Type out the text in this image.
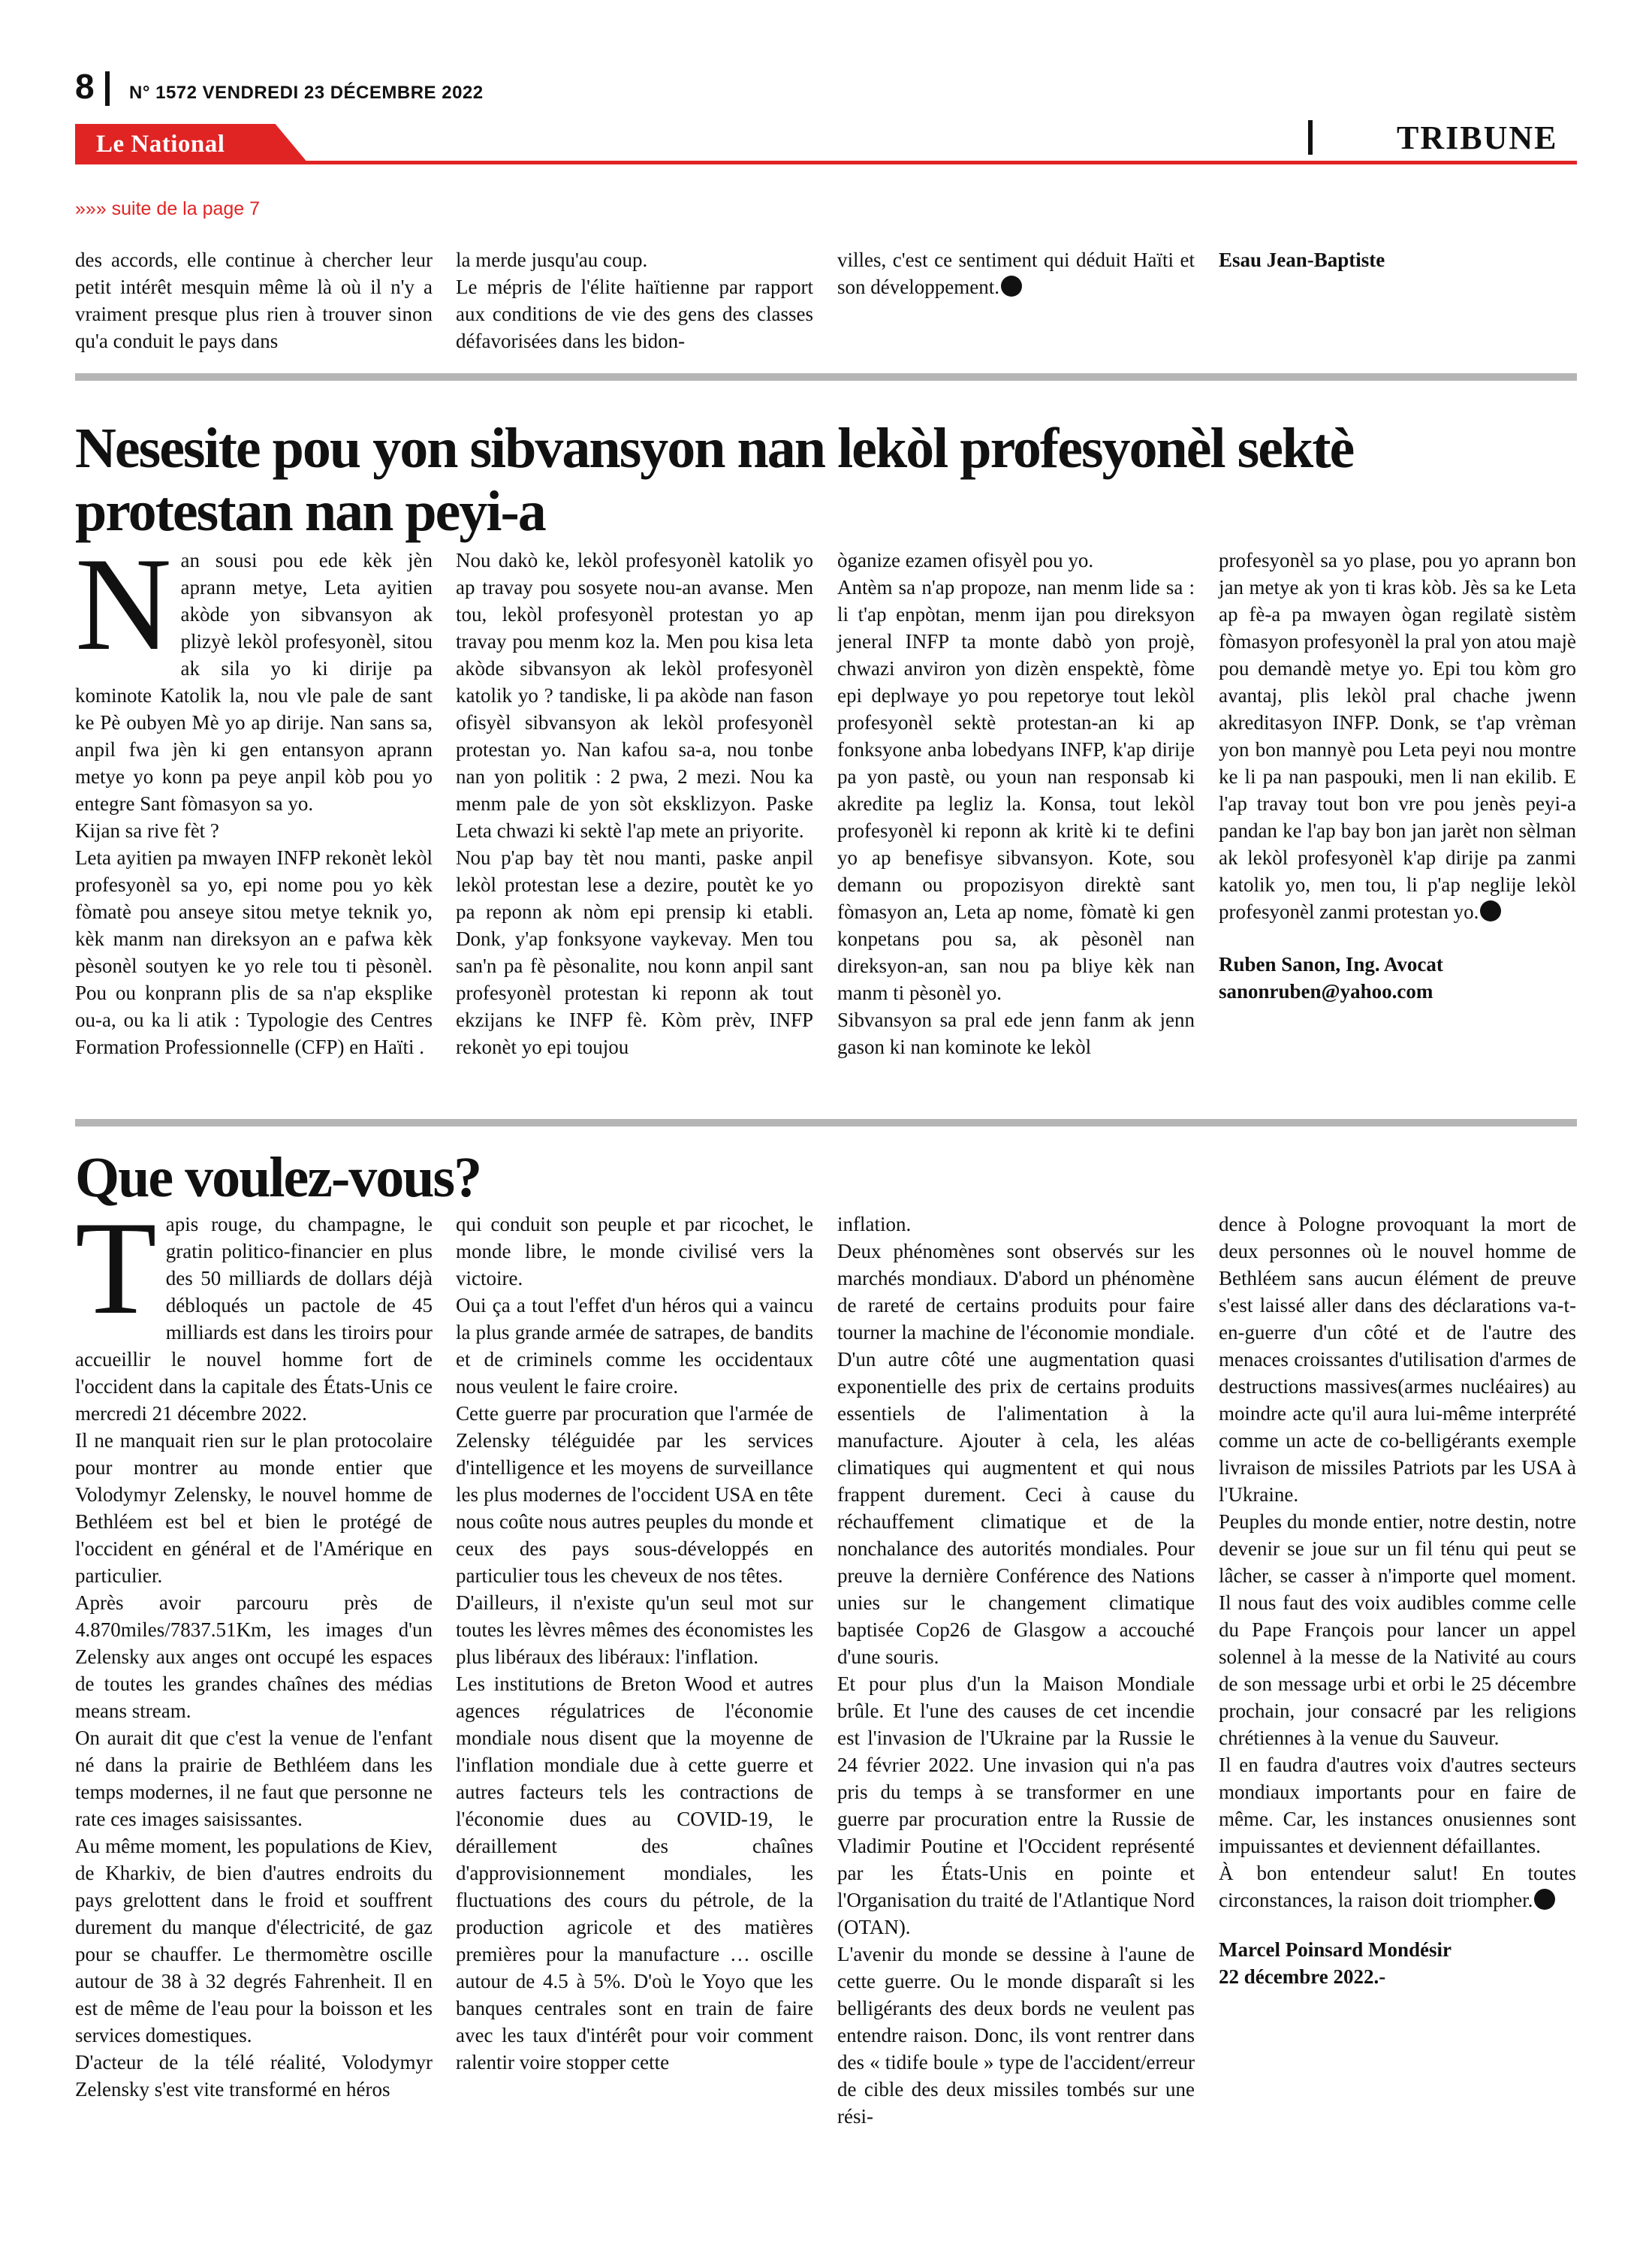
8 N° 1572 VENDREDI 23 DÉCEMBRE 2022
Le National	TRIBUNE
»»» suite de la page 7

des accords, elle continue à chercher leur petit intérêt mesquin même là où il n'y a vraiment presque plus rien à trouver sinon qu'a conduit le pays dans

la merde jusqu'au coup.

Le mépris de l'élite haïtienne par rapport aux conditions de vie des gens des classes défavorisées dans les bidon-

villes, c'est ce sentiment qui déduit Haïti et son développement.

Esau Jean-Baptiste
Nesesite pou yon sibvansyon nan lekòl profesyonèl sektè protestan nan peyi-a

Nan sousi pou ede kèk jèn aprann metye, Leta ayitien akòde yon sibvansyon ak plizyè lekòl profesyonèl, sitou ak sila yo ki dirije pa kominote Katolik la, nou vle pale de sant ke Pè oubyen Mè yo ap dirije. Nan sans sa, anpil fwa jèn ki gen entansyon aprann metye yo konn pa peye anpil kòb pou yo entegre Sant fòmasyon sa yo.

Kijan sa rive fèt ?

Leta ayitien pa mwayen INFP rekonèt lekòl profesyonèl sa yo, epi nome pou yo kèk fòmatè pou anseye sitou metye teknik yo, kèk manm nan direksyon an e pafwa kèk pèsonèl soutyen ke yo rele tou ti pèsonèl. Pou ou konprann plis de sa n'ap eksplike ou-a, ou ka li atik : Typologie des Centres Formation Professionnelle (CFP) en Haïti .

Nou dakò ke, lekòl profesyonèl katolik yo ap travay pou sosyete nou-an avanse. Men tou, lekòl profesyonèl protestan yo ap travay pou menm koz la. Men pou kisa leta akòde sibvansyon ak lekòl profesyonèl katolik yo ? tandiske, li pa akòde nan fason ofisyèl sibvansyon ak lekòl profesyonèl protestan yo. Nan kafou sa-a, nou tonbe nan yon politik : 2 pwa, 2 mezi. Nou ka menm pale de yon sòt eksklizyon. Paske Leta chwazi ki sektè l'ap mete an priyorite.

Nou p'ap bay tèt nou manti, paske anpil lekòl protestan lese a dezire, poutèt ke yo pa reponn ak nòm epi prensip ki etabli. Donk, y'ap fonksyone vaykevay. Men tou san'n pa fè pèsonalite, nou konn anpil sant profesyonèl protestan ki reponn ak tout ekzijans ke INFP fè. Kòm prèv, INFP rekonèt yo epi toujou

òganize ezamen ofisyèl pou yo.

Antèm sa n'ap propoze, nan menm lide sa : li t'ap enpòtan, menm ijan pou direksyon jeneral INFP ta monte dabò yon projè, chwazi anviron yon dizèn enspektè, fòme epi deplwaye yo pou repetorye tout lekòl profesyonèl sektè protestan-an ki ap fonksyone anba lobedyans INFP, k'ap dirije pa yon pastè, ou youn nan responsab ki akredite pa legliz la. Konsa, tout lekòl profesyonèl ki reponn ak kritè ki te defini yo ap benefisye sibvansyon. Kote, sou demann ou propozisyon direktè sant fòmasyon an, Leta ap nome, fòmatè ki gen konpetans pou sa, ak pèsonèl nan direksyon-an, san nou pa bliye kèk nan manm ti pèsonèl yo.

Sibvansyon sa pral ede jenn fanm ak jenn gason ki nan kominote ke lekòl

profesyonèl sa yo plase, pou yo aprann bon jan metye ak yon ti kras kòb. Jès sa ke Leta ap fè-a pa mwayen ògan regilatè sistèm fòmasyon profesyonèl la pral yon atou majè pou demandè metye yo. Epi tou kòm gro avantaj, plis lekòl pral chache jwenn akreditasyon INFP. Donk, se t'ap vrèman yon bon mannyè pou Leta peyi nou montre ke li pa nan paspouki, men li nan ekilib. E l'ap travay tout bon vre pou jenès peyi-a pandan ke l'ap bay bon jan jarèt non sèlman ak lekòl profesyonèl k'ap dirije pa zanmi katolik yo, men tou, li p'ap neglije lekòl profesyonèl zanmi protestan yo.

Ruben Sanon, Ing. Avocat

sanonruben@yahoo.com

Que voulez-vous?

Tapis rouge, du champagne, le gratin politico-financier en plus des 50 milliards de dollars déjà débloqués un pactole de 45 milliards est dans les tiroirs pour accueillir le nouvel homme fort de l'occident dans la capitale des États-Unis ce mercredi 21 décembre 2022.

Il ne manquait rien sur le plan protocolaire pour montrer au monde entier que Volodymyr Zelensky, le nouvel homme de Bethléem est bel et bien le protégé de l'occident en général et de l'Amérique en particulier.

Après avoir parcouru près de 4.870miles/7837.51Km, les images d'un Zelensky aux anges ont occupé les espaces de toutes les grandes chaînes des médias means stream.

On aurait dit que c'est la venue de l'enfant né dans la prairie de Bethléem dans les temps modernes, il ne faut que personne ne rate ces images saisissantes.

Au même moment, les populations de Kiev, de Kharkiv, de bien d'autres endroits du pays grelottent dans le froid et souffrent durement du manque d'électricité, de gaz pour se chauffer. Le thermomètre oscille autour de 38 à 32 degrés Fahrenheit. Il en est de même de l'eau pour la boisson et les services domestiques.

D'acteur de la télé réalité, Volodymyr Zelensky s'est vite transformé en héros

qui conduit son peuple et par ricochet, le monde libre, le monde civilisé vers la victoire.

Oui ça a tout l'effet d'un héros qui a vaincu la plus grande armée de satrapes, de bandits et de criminels comme les occidentaux nous veulent le faire croire.

Cette guerre par procuration que l'armée de Zelensky téléguidée par les services d'intelligence et les moyens de surveillance les plus modernes de l'occident USA en tête nous coûte nous autres peuples du monde et ceux des pays sous-développés en particulier tous les cheveux de nos têtes.

D'ailleurs, il n'existe qu'un seul mot sur toutes les lèvres mêmes des économistes les plus libéraux des libéraux: l'inflation.

Les institutions de Breton Wood et autres agences régulatrices de l'économie mondiale nous disent que la moyenne de l'inflation mondiale due à cette guerre et autres facteurs tels les contractions de l'économie dues au COVID-19, le déraillement des chaînes d'approvisionnement mondiales, les fluctuations des cours du pétrole, de la production agricole et des matières premières pour la manufacture … oscille autour de 4.5 à 5%. D'où le Yoyo que les banques centrales sont en train de faire avec les taux d'intérêt pour voir comment ralentir voire stopper cette

inflation.

Deux phénomènes sont observés sur les marchés mondiaux. D'abord un phénomène de rareté de certains produits pour faire tourner la machine de l'économie mondiale. D'un autre côté une augmentation quasi exponentielle des prix de certains produits essentiels de l'alimentation à la manufacture. Ajouter à cela, les aléas climatiques qui augmentent et qui nous frappent durement. Ceci à cause du réchauffement climatique et de la nonchalance des autorités mondiales. Pour preuve la dernière Conférence des Nations unies sur le changement climatique baptisée Cop26 de Glasgow a accouché d'une souris.

Et pour plus d'un la Maison Mondiale brûle. Et l'une des causes de cet incendie est l'invasion de l'Ukraine par la Russie le 24 février 2022. Une invasion qui n'a pas pris du temps à se transformer en une guerre par procuration entre la Russie de Vladimir Poutine et l'Occident représenté par les États-Unis en pointe et l'Organisation du traité de l'Atlantique Nord (OTAN).

L'avenir du monde se dessine à l'aune de cette guerre. Ou le monde disparaît si les belligérants des deux bords ne veulent pas entendre raison. Donc, ils vont rentrer dans des « tidife boule » type de l'accident/erreur de cible des deux missiles tombés sur une rési-

dence à Pologne provoquant la mort de deux personnes où le nouvel homme de Bethléem sans aucun élément de preuve s'est laissé aller dans des déclarations va-t-en-guerre d'un côté et de l'autre des menaces croissantes d'utilisation d'armes de destructions massives(armes nucléaires) au moindre acte qu'il aura lui-même interprété comme un acte de co-belligérants exemple livraison de missiles Patriots par les USA à l'Ukraine.

Peuples du monde entier, notre destin, notre devenir se joue sur un fil ténu qui peut se lâcher, se casser à n'importe quel moment. Il nous faut des voix audibles comme celle du Pape François pour lancer un appel solennel à la messe de la Nativité au cours de son message urbi et orbi le 25 décembre prochain, jour consacré par les religions chrétiennes à la venue du Sauveur.

Il en faudra d'autres voix d'autres secteurs mondiaux importants pour en faire de même. Car, les instances onusiennes sont impuissantes et deviennent défaillantes.

À bon entendeur salut! En toutes circonstances, la raison doit triompher.

Marcel Poinsard Mondésir

22 décembre 2022.-
